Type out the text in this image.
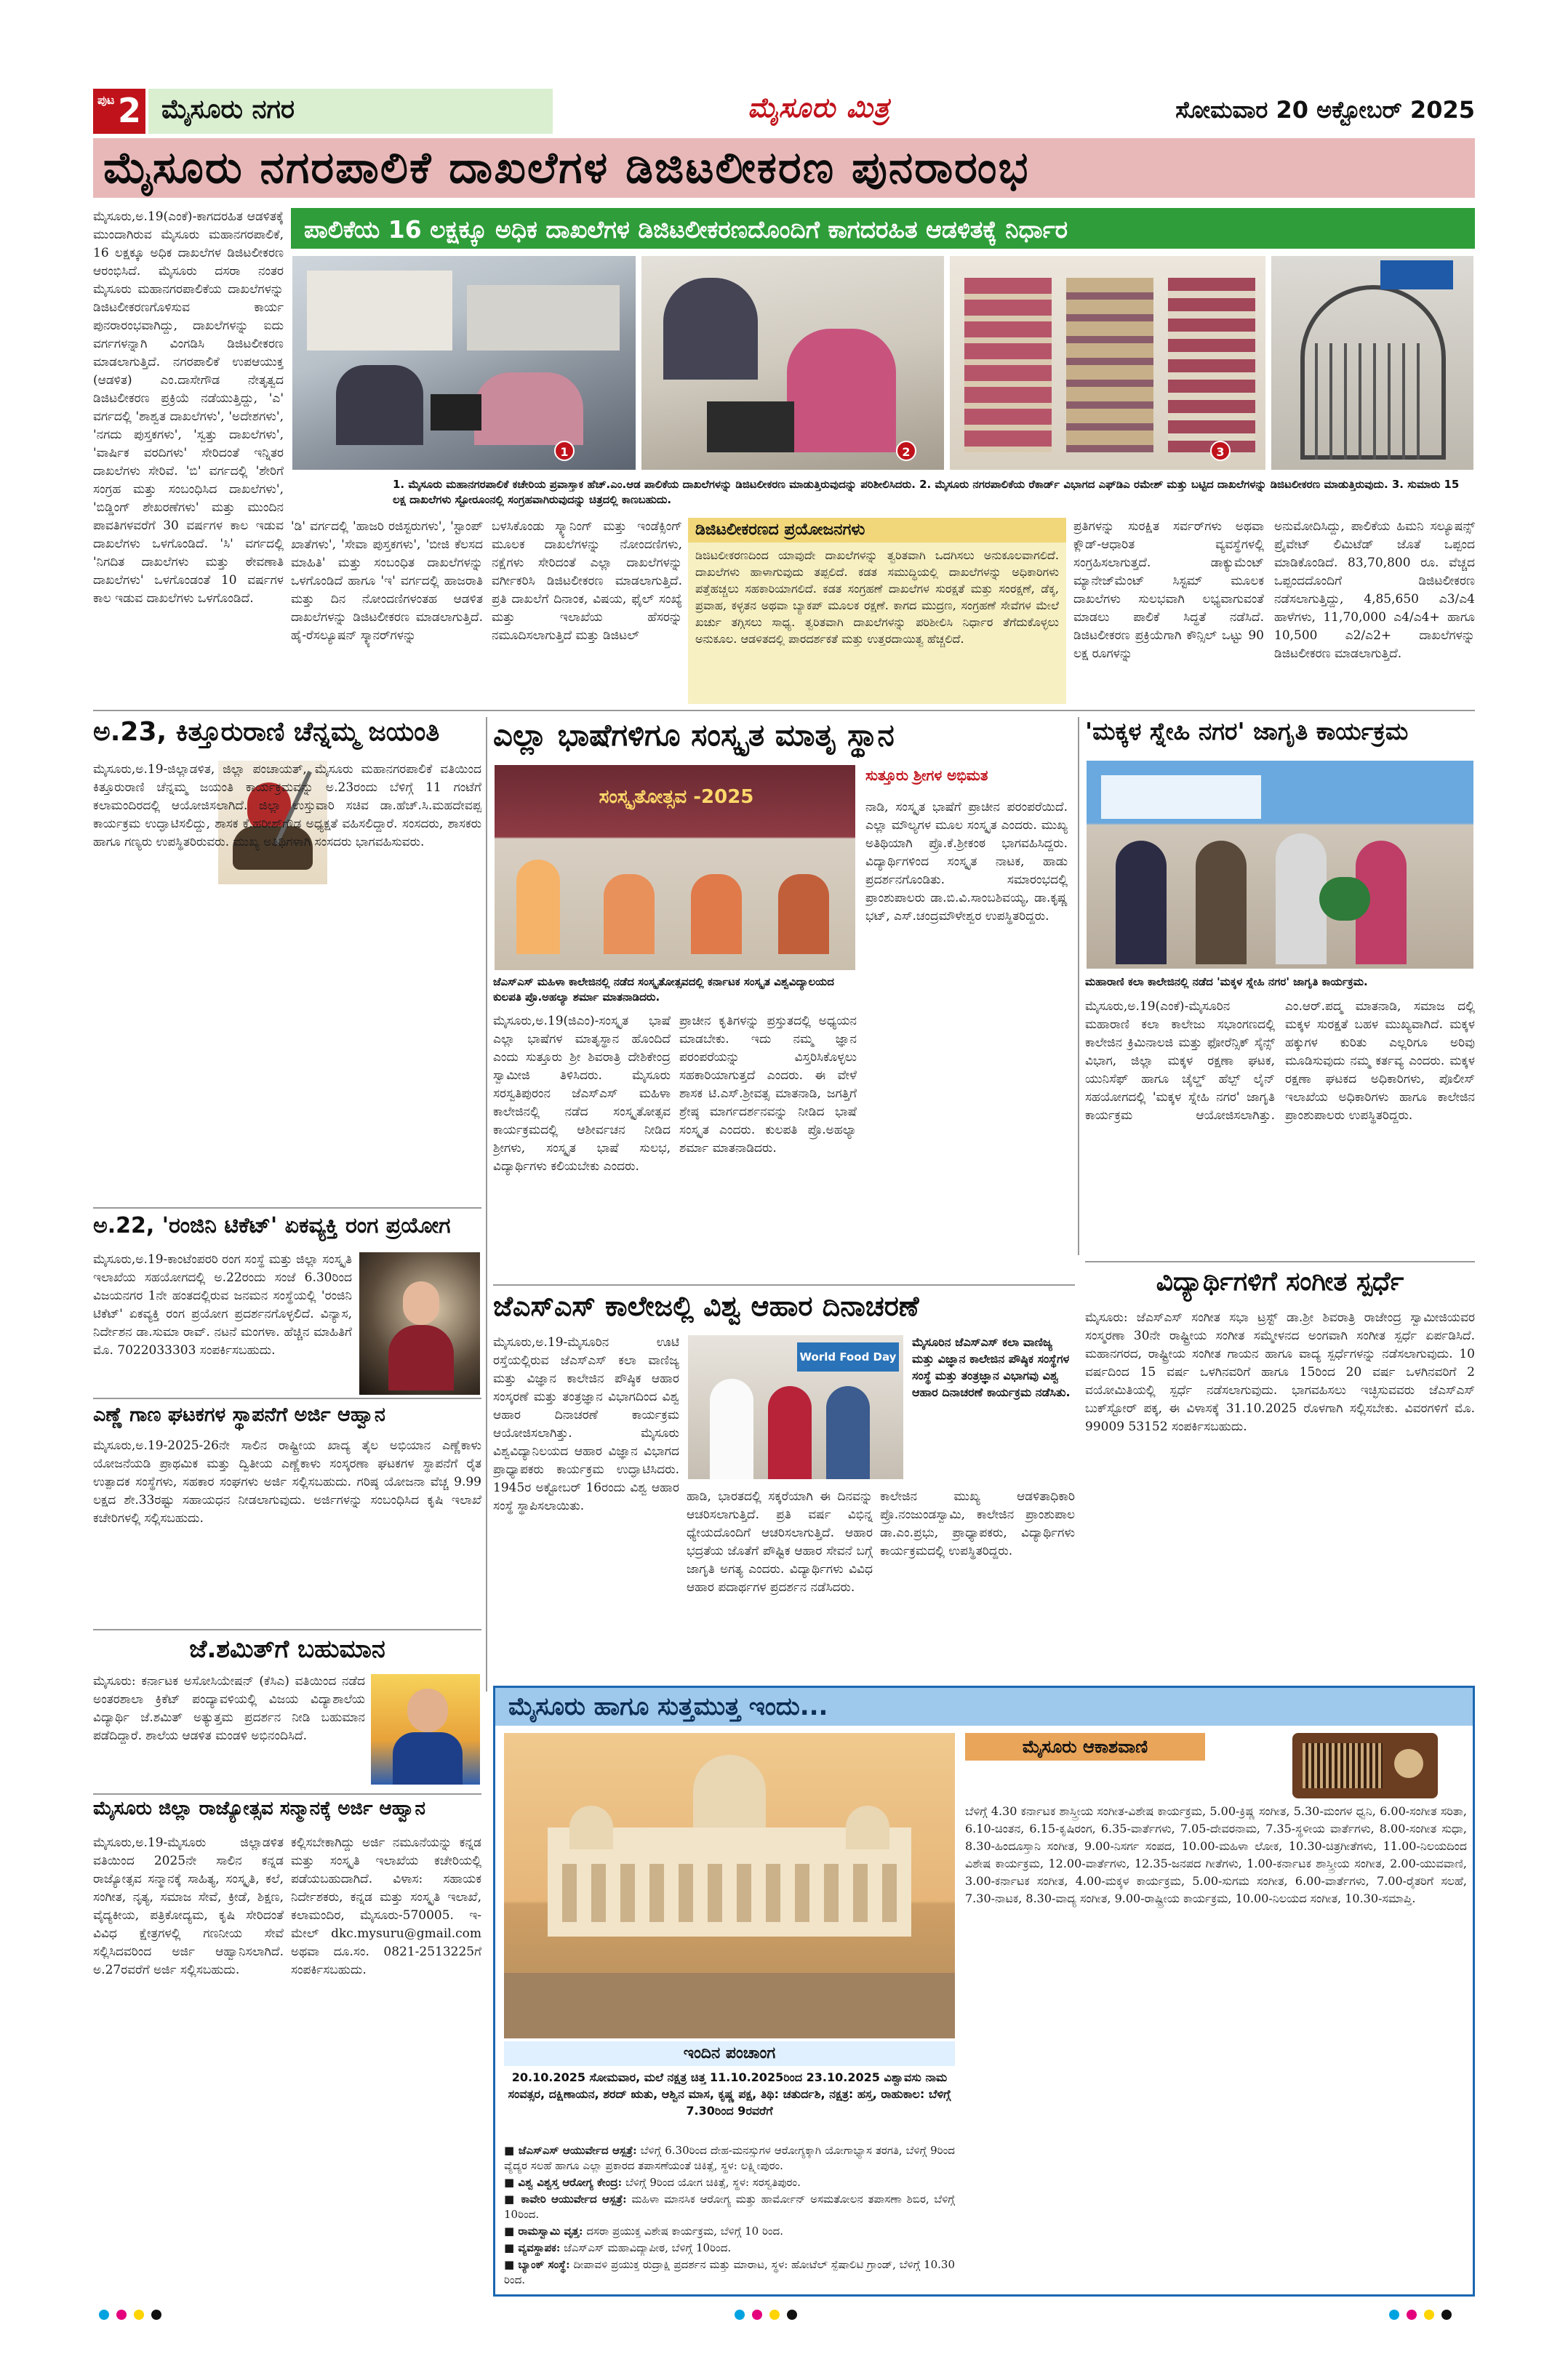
ಪುಟ 2 ಮೈಸೂರು ನಗರ	ಮೈಸೂರು ಮಿತ್ರ	ಸೋಮವಾರ 20 ಅಕ್ಟೋಬರ್ 2025
ಮೈಸೂರು ನಗರಪಾಲಿಕೆ ದಾಖಲೆಗಳ ಡಿಜಿಟಲೀಕರಣ ಪುನರಾರಂಭ

ಮೈಸೂರು,ಅ.19(ಎಂಕೆ)-ಕಾಗದರಹಿತ ಆಡಳಿತಕ್ಕೆ ಮುಂದಾಗಿರುವ ಮೈಸೂರು ಮಹಾನಗರಪಾಲಿಕೆ, 16 ಲಕ್ಷಕ್ಕೂ ಅಧಿಕ ದಾಖಲೆಗಳ ಡಿಜಿಟಲೀಕರಣ ಆರಂಭಿಸಿದೆ. ಮೈಸೂರು ದಸರಾ ನಂತರ ಮೈಸೂರು ಮಹಾನಗರಪಾಲಿಕೆಯ ದಾಖಲೆಗಳನ್ನು ಡಿಜಿಟಲೀಕರಣಗೊಳಿಸುವ ಕಾರ್ಯ ಪುನರಾರಂಭವಾಗಿದ್ದು, ದಾಖಲೆಗಳನ್ನು ಐದು ವರ್ಗಗಳನ್ನಾಗಿ ವಿಂಗಡಿಸಿ ಡಿಜಿಟಲೀಕರಣ ಮಾಡಲಾಗುತ್ತಿದೆ. ನಗರಪಾಲಿಕೆ ಉಪಆಯುಕ್ತ (ಆಡಳಿತ) ಎಂ.ದಾಸೇಗೌಡ ನೇತೃತ್ವದ ಡಿಜಿಟಲೀಕರಣ ಪ್ರಕ್ರಿಯೆ ನಡೆಯುತ್ತಿದ್ದು, 'ಎ' ವರ್ಗದಲ್ಲಿ 'ಶಾಶ್ವತ ದಾಖಲೆಗಳು', 'ಅದೇಶಗಳು', 'ನಗದು ಪುಸ್ತಕಗಳು', 'ಸ್ವತ್ತು ದಾಖಲೆಗಳು', 'ವಾರ್ಷಿಕ ವರದಿಗಳು' ಸೇರಿದಂತೆ ಇನ್ನಿತರ ದಾಖಲೆಗಳು ಸೇರಿವೆ. 'ಬಿ' ವರ್ಗದಲ್ಲಿ 'ಶೇರಿಗೆ ಸಂಗ್ರಹ ಮತ್ತು ಸಂಬಂಧಿಸಿದ ದಾಖಲೆಗಳು', 'ಬಿಡ್ಡಿಂಗ್ ಶೇಖರಣೆಗಳು' ಮತ್ತು ಮುಂದಿನ ಪಾವತಿಗಳವರೆಗೆ 30 ವರ್ಷಗಳ ಕಾಲ ಇಡುವ ದಾಖಲೆಗಳು ಒಳಗೊಂಡಿದೆ. 'ಸಿ' ವರ್ಗದಲ್ಲಿ 'ನಿಗದಿತ ದಾಖಲೆಗಳು ಮತ್ತು ಠೇವಣಾತಿ ದಾಖಲೆಗಳು' ಒಳಗೊಂಡಂತೆ 10 ವರ್ಷಗಳ ಕಾಲ ಇಡುವ ದಾಖಲೆಗಳು ಒಳಗೊಂಡಿದೆ.

ಪಾಲಿಕೆಯ 16 ಲಕ್ಷಕ್ಕೂ ಅಧಿಕ ದಾಖಲೆಗಳ ಡಿಜಿಟಲೀಕರಣದೊಂದಿಗೆ ಕಾಗದರಹಿತ ಆಡಳಿತಕ್ಕೆ ನಿರ್ಧಾರ
1	2	3
1. ಮೈಸೂರು ಮಹಾನಗರಪಾಲಿಕೆ ಕಚೇರಿಯ ಪ್ರವಾಸ್ತಾಕ ಹೆಚ್.ಎಂ.ಆಡ ಪಾಲಿಕೆಯ ದಾಖಲೆಗಳನ್ನು ಡಿಜಿಟಲೀಕರಣ ಮಾಡುತ್ತಿರುವುದನ್ನು ಪರಿಶೀಲಿಸಿದರು. 2. ಮೈಸೂರು ನಗರಪಾಲಿಕೆಯ ರೆಕಾರ್ಡ್ ವಿಭಾಗದ ಎಫ್‌ಡಿಎ ರಮೇಶ್ ಮತ್ತು ಬಟ್ಟಿದ ದಾಖಲೆಗಳನ್ನು ಡಿಜಿಟಲೀಕರಣ ಮಾಡುತ್ತಿರುವುದು. 3. ಸುಮಾರು 15 ಲಕ್ಷ ದಾಖಲೆಗಳು ಸ್ಟೋರೂಂನಲ್ಲಿ ಸಂಗ್ರಹವಾಗಿರುವುದನ್ನು ಚಿತ್ರದಲ್ಲಿ ಕಾಣಬಹುದು.

'ಡಿ' ವರ್ಗದಲ್ಲಿ 'ಹಾಜರಿ ರಜಿಸ್ಟರುಗಳು', 'ಸ್ಟಾಂಪ್ ಖಾತೆಗಳು', 'ಸೇವಾ ಪುಸ್ತಕಗಳು', 'ಬೀಜಿ ಕೆಲಸದ ಮಾಹಿತಿ' ಮತ್ತು ಸಂಬಂಧಿತ ದಾಖಲೆಗಳನ್ನು ಒಳಗೊಂಡಿದೆ ಹಾಗೂ 'ಇ' ವರ್ಗದಲ್ಲಿ ಹಾಜರಾತಿ ಮತ್ತು ದಿನ ನೋಂದಣಿಗಳಂತಹ ಆಡಳಿತ ದಾಖಲೆಗಳನ್ನು ಡಿಜಿಟಲೀಕರಣ ಮಾಡಲಾಗುತ್ತಿದೆ. ಹೈ-ರೆಸಲ್ಯೂಷನ್ ಸ್ಕ್ಯಾನರ್‌ಗಳನ್ನು

ಬಳಸಿಕೊಂಡು ಸ್ಕ್ಯಾನಿಂಗ್ ಮತ್ತು ಇಂಡೆಕ್ಸಿಂಗ್ ಮೂಲಕ ದಾಖಲೆಗಳನ್ನು ನೋಂದಣಿಗಳು, ನಕ್ಷೆಗಳು ಸೇರಿದಂತೆ ಎಲ್ಲಾ ದಾಖಲೆಗಳನ್ನು ವರ್ಗೀಕರಿಸಿ ಡಿಜಿಟಲೀಕರಣ ಮಾಡಲಾಗುತ್ತಿದೆ. ಪ್ರತಿ ದಾಖಲೆಗೆ ದಿನಾಂಕ, ವಿಷಯ, ಫೈಲ್ ಸಂಖ್ಯೆ ಮತ್ತು ಇಲಾಖೆಯ ಹೆಸರನ್ನು ನಮೂದಿಸಲಾಗುತ್ತಿದೆ ಮತ್ತು ಡಿಜಿಟಲ್

ಡಿಜಿಟಲೀಕರಣದ ಪ್ರಯೋಜನಗಳು
ಡಿಜಿಟಲೀಕರಣದಿಂದ ಯಾವುದೇ ದಾಖಲೆಗಳನ್ನು ತ್ವರಿತವಾಗಿ ಒದಗಿಸಲು ಅನುಕೂಲವಾಗಲಿದೆ. ದಾಖಲೆಗಳು ಹಾಳಾಗುವುದು ತಪ್ಪಲಿದೆ. ಕಡತ ಸಮುದ್ಧಿಯಲ್ಲಿ ದಾಖಲೆಗಳನ್ನು ಅಧಿಕಾರಿಗಳು ಪತ್ತೆಹಚ್ಚಲು ಸಹಕಾರಿಯಾಗಲಿದೆ. ಕಡತ ಸಂಗ್ರಹಣೆ ದಾಖಲೆಗಳ ಸುರಕ್ಷತೆ ಮತ್ತು ಸಂರಕ್ಷಣೆ, ಡೆಕ್ಕ, ಪ್ರವಾಹ, ಕಳ್ಳತನ ಅಥವಾ ಬ್ಯಾಕಪ್ ಮೂಲಕ ರಕ್ಷಣೆ. ಕಾಗದ ಮುದ್ರಣ, ಸಂಗ್ರಹಣೆ ಸೇವೆಗಳ ಮೇಲೆ ಖರ್ಚು ತಗ್ಗಿಸಲು ಸಾಧ್ಯ. ತ್ವರಿತವಾಗಿ ದಾಖಲೆಗಳನ್ನು ಪರಿಶೀಲಿಸಿ ನಿರ್ಧಾರ ತೆಗೆದುಕೊಳ್ಳಲು ಅನುಕೂಲ. ಆಡಳಿತದಲ್ಲಿ ಪಾರದರ್ಶಕತೆ ಮತ್ತು ಉತ್ತರದಾಯಿತ್ವ ಹೆಚ್ಚಲಿದೆ.

ಪ್ರತಿಗಳನ್ನು ಸುರಕ್ಷಿತ ಸರ್ವರ್‌ಗಳು ಅಥವಾ ಕ್ಲೌಡ್-ಆಧಾರಿತ ವ್ಯವಸ್ಥೆಗಳಲ್ಲಿ ಸಂಗ್ರಹಿಸಲಾಗುತ್ತದೆ. ಡಾಕ್ಯುಮೆಂಟ್ ಮ್ಯಾನೇಜ್‌ಮೆಂಟ್ ಸಿಸ್ಟಮ್ ಮೂಲಕ ದಾಖಲೆಗಳು ಸುಲಭವಾಗಿ ಲಭ್ಯವಾಗುವಂತೆ ಮಾಡಲು ಪಾಲಿಕೆ ಸಿದ್ಧತೆ ನಡೆಸಿದೆ. ಡಿಜಿಟಲೀಕರಣ ಪ್ರಕ್ರಿಯೆಗಾಗಿ ಕೌನ್ಸಿಲ್ ಒಟ್ಟು 90 ಲಕ್ಷ ರೂಗಳನ್ನು

ಅನುಮೋದಿಸಿದ್ದು, ಪಾಲಿಕೆಯ ಹಿಮನಿ ಸಲ್ಯೂಷನ್ಸ್ ಪ್ರೈವೇಟ್ ಲಿಮಿಟೆಡ್ ಜೊತೆ ಒಪ್ಪಂದ ಮಾಡಿಕೊಂಡಿದೆ. 83,70,800 ರೂ. ವೆಚ್ಚದ ಒಪ್ಪಂದದೊಂದಿಗೆ ಡಿಜಿಟಲೀಕರಣ ನಡೆಸಲಾಗುತ್ತಿದ್ದು, 4,85,650 ಎ3/ಎ4 ಹಾಳೆಗಳು, 11,70,000 ಎ4/ಎ4+ ಹಾಗೂ 10,500 ಎ2/ಎ2+ ದಾಖಲೆಗಳನ್ನು ಡಿಜಿಟಲೀಕರಣ ಮಾಡಲಾಗುತ್ತಿದೆ.

ಅ.23, ಕಿತ್ತೂರುರಾಣಿ ಚೆನ್ನಮ್ಮ ಜಯಂತಿ

ಮೈಸೂರು,ಅ.19-ಜಿಲ್ಲಾಡಳಿತ, ಜಿಲ್ಲಾ ಪಂಚಾಯತ್, ಮೈಸೂರು ಮಹಾನಗರಪಾಲಿಕೆ ವತಿಯಿಂದ ಕಿತ್ತೂರುರಾಣಿ ಚೆನ್ನಮ್ಮ ಜಯಂತಿ ಕಾರ್ಯಕ್ರಮವನ್ನು ಅ.23ರಂದು ಬೆಳಿಗ್ಗೆ 11 ಗಂಟೆಗೆ ಕಲಾಮಂದಿರದಲ್ಲಿ ಆಯೋಜಿಸಲಾಗಿದೆ. ಜಿಲ್ಲಾ ಉಸ್ತುವಾರಿ ಸಚಿವ ಡಾ.ಹೆಚ್.ಸಿ.ಮಹದೇವಪ್ಪ ಕಾರ್ಯಕ್ರಮ ಉದ್ಘಾಟಿಸಲಿದ್ದು, ಶಾಸಕ ಕೆ.ಹರೀಶ್‌ಗೌಡ ಅಧ್ಯಕ್ಷತೆ ವಹಿಸಲಿದ್ದಾರೆ. ಸಂಸದರು, ಶಾಸಕರು ಹಾಗೂ ಗಣ್ಯರು ಉಪಸ್ಥಿತರಿರುವರು. ಮುಖ್ಯ ಅತಿಥಿಗಳಾಗಿ ಸಂಸದರು ಭಾಗವಹಿಸುವರು.

ಎಲ್ಲಾ ಭಾಷೆಗಳಿಗೂ ಸಂಸ್ಕೃತ ಮಾತೃ ಸ್ಥಾನ
ಸಂಸ್ಕೃತೋತ್ಸವ -2025
ಸುತ್ತೂರು ಶ್ರೀಗಳ ಅಭಿಮತ

ನಾಡಿ, ಸಂಸ್ಕೃತ ಭಾಷೆಗೆ ಪ್ರಾಚೀನ ಪರಂಪರೆಯಿದೆ. ಎಲ್ಲಾ ಮೌಲ್ಯಗಳ ಮೂಲ ಸಂಸ್ಕೃತ ಎಂದರು. ಮುಖ್ಯ ಅತಿಥಿಯಾಗಿ ಪ್ರೊ.ಕೆ.ಶ್ರೀಕಂಠ ಭಾಗವಹಿಸಿದ್ದರು. ವಿದ್ಯಾರ್ಥಿಗಳಿಂದ ಸಂಸ್ಕೃತ ನಾಟಕ, ಹಾಡು ಪ್ರದರ್ಶನಗೊಂಡಿತು. ಸಮಾರಂಭದಲ್ಲಿ ಪ್ರಾಂಶುಪಾಲರು ಡಾ.ಬಿ.ವಿ.ಸಾಂಬಶಿವಯ್ಯ, ಡಾ.ಕೃಷ್ಣ ಭಟ್, ಎಸ್.ಚಂದ್ರಮೌಳೇಶ್ವರ ಉಪಸ್ಥಿತರಿದ್ದರು.

ಜೆಎಸ್‌ಎಸ್ ಮಹಿಳಾ ಕಾಲೇಜಿನಲ್ಲಿ ನಡೆದ ಸಂಸ್ಕೃತೋತ್ಸವದಲ್ಲಿ ಕರ್ನಾಟಕ ಸಂಸ್ಕೃತ ವಿಶ್ವವಿದ್ಯಾಲಯದ ಕುಲಪತಿ ಪ್ರೊ.ಅಹಲ್ಯಾ ಶರ್ಮಾ ಮಾತನಾಡಿದರು.

ಮೈಸೂರು,ಅ.19(ಜಿಎಂ)-ಸಂಸ್ಕೃತ ಭಾಷೆ ಎಲ್ಲಾ ಭಾಷೆಗಳ ಮಾತೃಸ್ಥಾನ ಹೊಂದಿದೆ ಎಂದು ಸುತ್ತೂರು ಶ್ರೀ ಶಿವರಾತ್ರಿ ದೇಶಿಕೇಂದ್ರ ಸ್ವಾಮೀಜಿ ತಿಳಿಸಿದರು. ಮೈಸೂರು ಸರಸ್ವತಿಪುರಂನ ಜೆಎಸ್‌ಎಸ್ ಮಹಿಳಾ ಕಾಲೇಜಿನಲ್ಲಿ ನಡೆದ ಸಂಸ್ಕೃತೋತ್ಸವ ಕಾರ್ಯಕ್ರಮದಲ್ಲಿ ಆಶೀರ್ವಚನ ನೀಡಿದ ಶ್ರೀಗಳು, ಸಂಸ್ಕೃತ ಭಾಷೆ ಸುಲಭ, ವಿದ್ಯಾರ್ಥಿಗಳು ಕಲಿಯಬೇಕು ಎಂದರು.

ಪ್ರಾಚೀನ ಕೃತಿಗಳನ್ನು ಪ್ರಸ್ತುತದಲ್ಲಿ ಅಧ್ಯಯನ ಮಾಡಬೇಕು. ಇದು ನಮ್ಮ ಜ್ಞಾನ ಪರಂಪರೆಯನ್ನು ವಿಸ್ತರಿಸಿಕೊಳ್ಳಲು ಸಹಕಾರಿಯಾಗುತ್ತದೆ ಎಂದರು. ಈ ವೇಳೆ ಶಾಸಕ ಟಿ.ಎಸ್.ಶ್ರೀವತ್ಸ ಮಾತನಾಡಿ, ಜಗತ್ತಿಗೆ ಶ್ರೇಷ್ಠ ಮಾರ್ಗದರ್ಶನವನ್ನು ನೀಡಿದ ಭಾಷೆ ಸಂಸ್ಕೃತ ಎಂದರು. ಕುಲಪತಿ ಪ್ರೊ.ಅಹಲ್ಯಾ ಶರ್ಮಾ ಮಾತನಾಡಿದರು.

'ಮಕ್ಕಳ ಸ್ನೇಹಿ ನಗರ' ಜಾಗೃತಿ ಕಾರ್ಯಕ್ರಮ
ಮಹಾರಾಣಿ ಕಲಾ ಕಾಲೇಜಿನಲ್ಲಿ ನಡೆದ 'ಮಕ್ಕಳ ಸ್ನೇಹಿ ನಗರ' ಜಾಗೃತಿ ಕಾರ್ಯಕ್ರಮ.

ಮೈಸೂರು,ಅ.19(ಎಂಕೆ)-ಮೈಸೂರಿನ ಮಹಾರಾಣಿ ಕಲಾ ಕಾಲೇಜು ಸಭಾಂಗಣದಲ್ಲಿ ಕಾಲೇಜಿನ ಕ್ರಿಮಿನಾಲಜಿ ಮತ್ತು ಫೋರೆನ್ಸಿಕ್ ಸೈನ್ಸ್ ವಿಭಾಗ, ಜಿಲ್ಲಾ ಮಕ್ಕಳ ರಕ್ಷಣಾ ಘಟಕ, ಯುನಿಸೆಫ್ ಹಾಗೂ ಚೈಲ್ಡ್ ಹೆಲ್ಪ್ ಲೈನ್ ಸಹಯೋಗದಲ್ಲಿ 'ಮಕ್ಕಳ ಸ್ನೇಹಿ ನಗರ' ಜಾಗೃತಿ ಕಾರ್ಯಕ್ರಮ ಆಯೋಜಿಸಲಾಗಿತ್ತು. ಎಂ.ಆರ್.ಪದ್ಮ ಮಾತನಾಡಿ, ಸಮಾಜ ದಲ್ಲಿ ಮಕ್ಕಳ ಸುರಕ್ಷತೆ ಬಹಳ ಮುಖ್ಯವಾಗಿದೆ. ಮಕ್ಕಳ ಹಕ್ಕುಗಳ ಕುರಿತು ಎಲ್ಲರಿಗೂ ಅರಿವು ಮೂಡಿಸುವುದು ನಮ್ಮ ಕರ್ತವ್ಯ ಎಂದರು. ಮಕ್ಕಳ ರಕ್ಷಣಾ ಘಟಕದ ಅಧಿಕಾರಿಗಳು, ಪೊಲೀಸ್ ಇಲಾಖೆಯ ಅಧಿಕಾರಿಗಳು ಹಾಗೂ ಕಾಲೇಜಿನ ಪ್ರಾಂಶುಪಾಲರು ಉಪಸ್ಥಿತರಿದ್ದರು.

ಅ.22, 'ರಂಜಿನಿ ಟಿಕೆಟ್' ಏಕವ್ಯಕ್ತಿ ರಂಗ ಪ್ರಯೋಗ

ಮೈಸೂರು,ಅ.19-ಕಾಂಟೆಂಪರರಿ ರಂಗ ಸಂಸ್ಥೆ ಮತ್ತು ಜಿಲ್ಲಾ ಸಂಸ್ಕೃತಿ ಇಲಾಖೆಯ ಸಹಯೋಗದಲ್ಲಿ ಅ.22ರಂದು ಸಂಜೆ 6.30ರಿಂದ ವಿಜಯನಗರ 1ನೇ ಹಂತದಲ್ಲಿರುವ ಜನಮನ ಸಂಸ್ಥೆಯಲ್ಲಿ 'ರಂಜಿನಿ ಟಿಕೆಟ್' ಏಕವ್ಯಕ್ತಿ ರಂಗ ಪ್ರಯೋಗ ಪ್ರದರ್ಶನಗೊಳ್ಳಲಿದೆ. ವಿನ್ಯಾಸ, ನಿರ್ದೇಶನ ಡಾ.ಸುಮಾ ರಾವ್. ನಟನೆ ಮಂಗಳಾ. ಹೆಚ್ಚಿನ ಮಾಹಿತಿಗೆ ಮೊ. 7022033303 ಸಂಪರ್ಕಿಸಬಹುದು.

ಎಣ್ಣೆ ಗಾಣ ಘಟಕಗಳ ಸ್ಥಾಪನೆಗೆ ಅರ್ಜಿ ಆಹ್ವಾನ

ಮೈಸೂರು,ಅ.19-2025-26ನೇ ಸಾಲಿನ ರಾಷ್ಟ್ರೀಯ ಖಾದ್ಯ ತೈಲ ಅಭಿಯಾನ ಎಣ್ಣೆಕಾಳು ಯೋಜನೆಯಡಿ ಪ್ರಾಥಮಿಕ ಮತ್ತು ದ್ವಿತೀಯ ಎಣ್ಣೆಕಾಳು ಸಂಸ್ಕರಣಾ ಘಟಕಗಳ ಸ್ಥಾಪನೆಗೆ ರೈತ ಉತ್ಪಾದಕ ಸಂಸ್ಥೆಗಳು, ಸಹಕಾರ ಸಂಘಗಳು ಅರ್ಜಿ ಸಲ್ಲಿಸಬಹುದು. ಗರಿಷ್ಠ ಯೋಜನಾ ವೆಚ್ಚ 9.99 ಲಕ್ಷದ ಶೇ.33ರಷ್ಟು ಸಹಾಯಧನ ನೀಡಲಾಗುವುದು. ಅರ್ಜಿಗಳನ್ನು ಸಂಬಂಧಿಸಿದ ಕೃಷಿ ಇಲಾಖೆ ಕಚೇರಿಗಳಲ್ಲಿ ಸಲ್ಲಿಸಬಹುದು.

ಜೆ.ಶಮಿತ್‌ಗೆ ಬಹುಮಾನ

ಮೈಸೂರು: ಕರ್ನಾಟಕ ಅಸೋಸಿಯೇಷನ್ (ಕೆಸಿಎ) ವತಿಯಿಂದ ನಡೆದ ಅಂತರಶಾಲಾ ಕ್ರಿಕೆಟ್ ಪಂದ್ಯಾವಳಿಯಲ್ಲಿ ವಿಜಯ ವಿದ್ಯಾಶಾಲೆಯ ವಿದ್ಯಾರ್ಥಿ ಜೆ.ಶಮಿತ್ ಅತ್ಯುತ್ತಮ ಪ್ರದರ್ಶನ ನೀಡಿ ಬಹುಮಾನ ಪಡೆದಿದ್ದಾರೆ. ಶಾಲೆಯ ಆಡಳಿತ ಮಂಡಳಿ ಅಭಿನಂದಿಸಿದೆ.

ಮೈಸೂರು ಜಿಲ್ಲಾ ರಾಜ್ಯೋತ್ಸವ ಸನ್ಮಾನಕ್ಕೆ ಅರ್ಜಿ ಆಹ್ವಾನ

ಮೈಸೂರು,ಅ.19-ಮೈಸೂರು ಜಿಲ್ಲಾಡಳಿತ ವತಿಯಿಂದ 2025ನೇ ಸಾಲಿನ ಕನ್ನಡ ರಾಜ್ಯೋತ್ಸವ ಸನ್ಮಾನಕ್ಕೆ ಸಾಹಿತ್ಯ, ಸಂಸ್ಕೃತಿ, ಕಲೆ, ಸಂಗೀತ, ನೃತ್ಯ, ಸಮಾಜ ಸೇವೆ, ಕ್ರೀಡೆ, ಶಿಕ್ಷಣ, ವೈದ್ಯಕೀಯ, ಪತ್ರಿಕೋದ್ಯಮ, ಕೃಷಿ ಸೇರಿದಂತೆ ವಿವಿಧ ಕ್ಷೇತ್ರಗಳಲ್ಲಿ ಗಣನೀಯ ಸೇವೆ ಸಲ್ಲಿಸಿದವರಿಂದ ಅರ್ಜಿ ಆಹ್ವಾನಿಸಲಾಗಿದೆ. ಅ.27ರವರೆಗೆ ಅರ್ಜಿ ಸಲ್ಲಿಸಬಹುದು.

ಕಲ್ಲಿಸಬೇಕಾಗಿದ್ದು ಅರ್ಜಿ ನಮೂನೆಯನ್ನು ಕನ್ನಡ ಮತ್ತು ಸಂಸ್ಕೃತಿ ಇಲಾಖೆಯ ಕಚೇರಿಯಲ್ಲಿ ಪಡೆಯಬಹುದಾಗಿದೆ. ವಿಳಾಸ: ಸಹಾಯಕ ನಿರ್ದೇಶಕರು, ಕನ್ನಡ ಮತ್ತು ಸಂಸ್ಕೃತಿ ಇಲಾಖೆ, ಕಲಾಮಂದಿರ, ಮೈಸೂರು-570005. ಇ-ಮೇಲ್ dkc.mysuru@gmail.com ಅಥವಾ ದೂ.ಸಂ. 0821-2513225ಗೆ ಸಂಪರ್ಕಿಸಬಹುದು.

ಜೆಎಸ್‌ಎಸ್ ಕಾಲೇಜಲ್ಲಿ ವಿಶ್ವ ಆಹಾರ ದಿನಾಚರಣೆ

ಮೈಸೂರು,ಅ.19-ಮೈಸೂರಿನ ಊಟಿ ರಸ್ತೆಯಲ್ಲಿರುವ ಜೆಎಸ್‌ಎಸ್ ಕಲಾ ವಾಣಿಜ್ಯ ಮತ್ತು ವಿಜ್ಞಾನ ಕಾಲೇಜಿನ ಪೌಷ್ಠಿಕ ಆಹಾರ ಸಂಸ್ಕರಣೆ ಮತ್ತು ತಂತ್ರಜ್ಞಾನ ವಿಭಾಗದಿಂದ ವಿಶ್ವ ಆಹಾರ ದಿನಾಚರಣೆ ಕಾರ್ಯಕ್ರಮ ಆಯೋಜಿಸಲಾಗಿತ್ತು. ಮೈಸೂರು ವಿಶ್ವವಿದ್ಯಾನಿಲಯದ ಆಹಾರ ವಿಜ್ಞಾನ ವಿಭಾಗದ ಪ್ರಾಧ್ಯಾಪಕರು ಕಾರ್ಯಕ್ರಮ ಉದ್ಘಾಟಿಸಿದರು. 1945ರ ಅಕ್ಟೋಬರ್ 16ರಂದು ವಿಶ್ವ ಆಹಾರ ಸಂಸ್ಥೆ ಸ್ಥಾಪಿಸಲಾಯಿತು.

World Food Day
ಮೈಸೂರಿನ ಜೆಎಸ್‌ಎಸ್ ಕಲಾ ವಾಣಿಜ್ಯ ಮತ್ತು ವಿಜ್ಞಾನ ಕಾಲೇಜಿನ ಪೌಷ್ಠಿಕ ಸಂಸ್ಥೆಗಳ ಸಂಸ್ಥೆ ಮತ್ತು ತಂತ್ರಜ್ಞಾನ ವಿಭಾಗವು ವಿಶ್ವ ಆಹಾರ ದಿನಾಚರಣೆ ಕಾರ್ಯಕ್ರಮ ನಡೆಸಿತು.

ಹಾಡಿ, ಭಾರತದಲ್ಲಿ ಸಕ್ಕರೆಯಾಗಿ ಈ ದಿನವನ್ನು ಆಚರಿಸಲಾಗುತ್ತಿದೆ. ಪ್ರತಿ ವರ್ಷ ವಿಭಿನ್ನ ಧ್ಯೇಯದೊಂದಿಗೆ ಆಚರಿಸಲಾಗುತ್ತಿದೆ. ಆಹಾರ ಭದ್ರತೆಯ ಜೊತೆಗೆ ಪೌಷ್ಟಿಕ ಆಹಾರ ಸೇವನೆ ಬಗ್ಗೆ ಜಾಗೃತಿ ಅಗತ್ಯ ಎಂದರು. ವಿದ್ಯಾರ್ಥಿಗಳು ವಿವಿಧ ಆಹಾರ ಪದಾರ್ಥಗಳ ಪ್ರದರ್ಶನ ನಡೆಸಿದರು.

ಕಾಲೇಜಿನ ಮುಖ್ಯ ಆಡಳಿತಾಧಿಕಾರಿ ಪ್ರೊ.ನಂಜುಂಡಸ್ವಾಮಿ, ಕಾಲೇಜಿನ ಪ್ರಾಂಶುಪಾಲ ಡಾ.ಎಂ.ಪ್ರಭು, ಪ್ರಾಧ್ಯಾಪಕರು, ವಿದ್ಯಾರ್ಥಿಗಳು ಕಾರ್ಯಕ್ರಮದಲ್ಲಿ ಉಪಸ್ಥಿತರಿದ್ದರು.

ವಿದ್ಯಾರ್ಥಿಗಳಿಗೆ ಸಂಗೀತ ಸ್ಪರ್ಧೆ

ಮೈಸೂರು: ಜೆಎಸ್‌ಎಸ್ ಸಂಗೀತ ಸಭಾ ಟ್ರಸ್ಟ್ ಡಾ.ಶ್ರೀ ಶಿವರಾತ್ರಿ ರಾಜೇಂದ್ರ ಸ್ವಾಮೀಜಿಯವರ ಸಂಸ್ಮರಣಾ 30ನೇ ರಾಷ್ಟ್ರೀಯ ಸಂಗೀತ ಸಮ್ಮೇಳನದ ಅಂಗವಾಗಿ ಸಂಗೀತ ಸ್ಪರ್ಧೆ ಏರ್ಪಡಿಸಿದೆ. ಮಹಾನಗರದ, ರಾಷ್ಟ್ರೀಯ ಸಂಗೀತ ಗಾಯನ ಹಾಗೂ ವಾದ್ಯ ಸ್ಪರ್ಧೆಗಳನ್ನು ನಡೆಸಲಾಗುವುದು. 10 ವರ್ಷದಿಂದ 15 ವರ್ಷ ಒಳಗಿನವರಿಗೆ ಹಾಗೂ 15ರಿಂದ 20 ವರ್ಷ ಒಳಗಿನವರಿಗೆ 2 ವಯೋಮಿತಿಯಲ್ಲಿ ಸ್ಪರ್ಧೆ ನಡೆಸಲಾಗುವುದು. ಭಾಗವಹಿಸಲು ಇಚ್ಛಿಸುವವರು ಜೆಎಸ್‌ಎಸ್ ಬುಕ್‌ಸ್ಟೋರ್ ಪಕ್ಕ, ಈ ವಿಳಾಸಕ್ಕೆ 31.10.2025 ರೊಳಗಾಗಿ ಸಲ್ಲಿಸಬೇಕು. ವಿವರಗಳಿಗೆ ಮೊ. 99009 53152 ಸಂಪರ್ಕಿಸಬಹುದು.

ಮೈಸೂರು ಹಾಗೂ ಸುತ್ತಮುತ್ತ ಇಂದು...
ಇಂದಿನ ಪಂಚಾಂಗ
20.10.2025 ಸೋಮವಾರ, ಮಲೆ ನಕ್ಷತ್ರ ಚಿತ್ತ 11.10.2025ರಿಂದ 23.10.2025 ವಿಶ್ವಾವಸು ನಾಮ ಸಂವತ್ಸರ, ದಕ್ಷಿಣಾಯನ, ಶರದ್ ಋತು, ಆಶ್ವಿನ ಮಾಸ, ಕೃಷ್ಣ ಪಕ್ಷ, ತಿಥಿ: ಚತುರ್ದಶಿ, ನಕ್ಷತ್ರ: ಹಸ್ತ, ರಾಹುಕಾಲ: ಬೆಳಿಗ್ಗೆ 7.30ರಿಂದ 9ರವರೆಗೆ
ಮೈಸೂರು ಆಕಾಶವಾಣಿ

ಬೆಳಿಗ್ಗೆ 4.30 ಕರ್ನಾಟಕ ಶಾಸ್ತ್ರೀಯ ಸಂಗೀತ-ವಿಶೇಷ ಕಾರ್ಯಕ್ರಮ, 5.00-ಕ್ರಿಷ್ಣ ಸಂಗೀತ, 5.30-ಮಂಗಳ ಧ್ವನಿ, 6.00-ಸಂಗೀತ ಸರಿತಾ, 6.10-ಚಿಂತನ, 6.15-ಕೃಷಿರಂಗ, 6.35-ವಾರ್ತೆಗಳು, 7.05-ದೇವರನಾಮ, 7.35-ಸ್ಥಳೀಯ ವಾರ್ತೆಗಳು, 8.00-ಸಂಗೀತ ಸುಧಾ, 8.30-ಹಿಂದೂಸ್ತಾನಿ ಸಂಗೀತ, 9.00-ನಿಸರ್ಗ ಸಂಪದ, 10.00-ಮಹಿಳಾ ಲೋಕ, 10.30-ಚಿತ್ರಗೀತೆಗಳು, 11.00-ನಿಲಯದಿಂದ ವಿಶೇಷ ಕಾರ್ಯಕ್ರಮ, 12.00-ವಾರ್ತೆಗಳು, 12.35-ಜನಪದ ಗೀತೆಗಳು, 1.00-ಕರ್ನಾಟಕ ಶಾಸ್ತ್ರೀಯ ಸಂಗೀತ, 2.00-ಯುವವಾಣಿ, 3.00-ಕರ್ನಾಟಕ ಸಂಗೀತ, 4.00-ಮಕ್ಕಳ ಕಾರ್ಯಕ್ರಮ, 5.00-ಸುಗಮ ಸಂಗೀತ, 6.00-ವಾರ್ತೆಗಳು, 7.00-ರೈತರಿಗೆ ಸಲಹೆ, 7.30-ನಾಟಕ, 8.30-ವಾದ್ಯ ಸಂಗೀತ, 9.00-ರಾಷ್ಟ್ರೀಯ ಕಾರ್ಯಕ್ರಮ, 10.00-ನಿಲಯದ ಸಂಗೀತ, 10.30-ಸಮಾಪ್ತಿ.

■ ಜೆಎಸ್‌ಎಸ್ ಆಯುರ್ವೇದ ಆಸ್ಪತ್ರೆ: ಬೆಳಿಗ್ಗೆ 6.30ರಿಂದ ದೇಹ-ಮನಸ್ಸುಗಳ ಆರೋಗ್ಯಕ್ಕಾಗಿ ಯೋಗಾಭ್ಯಾಸ ತರಗತಿ, ಬೆಳಿಗ್ಗೆ 9ರಿಂದ ವ್ಯೆದ್ಯರ ಸಲಹೆ ಹಾಗೂ ಎಲ್ಲಾ ಪ್ರಕಾರದ ತಪಾಸಣೆಯಂತೆ ಚಿಕಿತ್ಸೆ, ಸ್ಥಳ: ಲಕ್ಷ್ಮೀಪುರಂ.
■ ವಿಶ್ವ ವಿಶ್ವಸ್ತ ಆರೋಗ್ಯ ಕೇಂದ್ರ: ಬೆಳಿಗ್ಗೆ 9ರಿಂದ ಯೋಗ ಚಿಕಿತ್ಸೆ, ಸ್ಥಳ: ಸರಸ್ವತಿಪುರಂ.
■ ಕಾವೇರಿ ಆಯುರ್ವೇದ ಆಸ್ಪತ್ರೆ: ಮಹಿಳಾ ಮಾನಸಿಕ ಆರೋಗ್ಯ ಮತ್ತು ಹಾರ್ಮೋನ್ ಅಸಮತೋಲನ ತಪಾಸಣಾ ಶಿಬಿರ, ಬೆಳಿಗ್ಗೆ 10ರಿಂದ.
■ ರಾಮಸ್ವಾಮಿ ವೃತ್ತ: ದಸರಾ ಪ್ರಯುಕ್ತ ವಿಶೇಷ ಕಾರ್ಯಕ್ರಮ, ಬೆಳಿಗ್ಗೆ 10 ರಿಂದ.
■ ವ್ಯವಸ್ಥಾಪಕ: ಜೆಎಸ್‌ಎಸ್ ಮಹಾವಿದ್ಯಾಪೀಠ, ಬೆಳಿಗ್ಗೆ 10ರಿಂದ.
■ ಬ್ಯಾಂಕ್ ಸಂಸ್ಥೆ: ದೀಪಾವಳಿ ಪ್ರಯುಕ್ತ ರುದ್ರಾಕ್ಷಿ ಪ್ರದರ್ಶನ ಮತ್ತು ಮಾರಾಟ, ಸ್ಥಳ: ಹೋಟೆಲ್ ಸ್ಪೆಷಾಲಿಟಿ ಗ್ರಾಂಡ್, ಬೆಳಿಗ್ಗೆ 10.30 ರಿಂದ.
